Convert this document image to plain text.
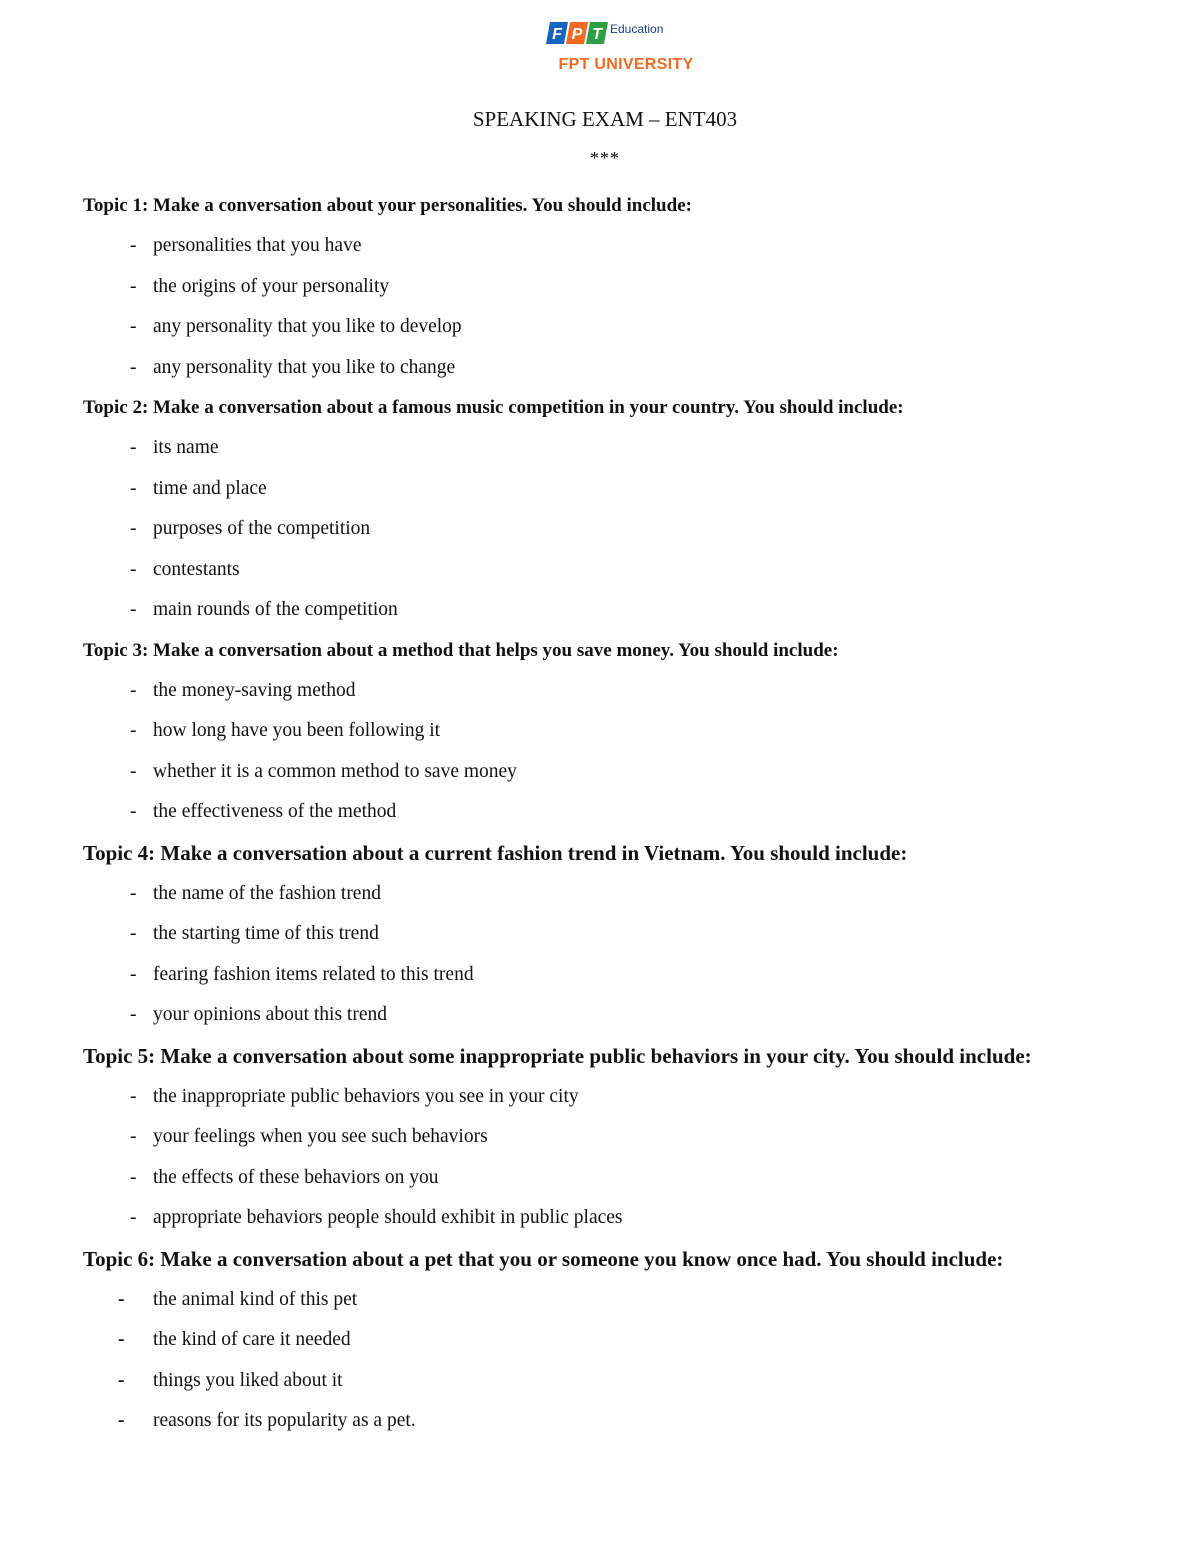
F P T Education
FPT UNIVERSITY
SPEAKING EXAM – ENT403
***

Topic 1: Make a conversation about your personalities. You should include:

- personalities that you have
- the origins of your personality
- any personality that you like to develop
- any personality that you like to change

Topic 2: Make a conversation about a famous music competition in your country. You should include:

- its name
- time and place
- purposes of the competition
- contestants
- main rounds of the competition

Topic 3: Make a conversation about a method that helps you save money. You should include:

- the money-saving method
- how long have you been following it
- whether it is a common method to save money
- the effectiveness of the method

Topic 4: Make a conversation about a current fashion trend in Vietnam. You should include:

- the name of the fashion trend
- the starting time of this trend
- fearing fashion items related to this trend
- your opinions about this trend

Topic 5: Make a conversation about some inappropriate public behaviors in your city. You should include:

- the inappropriate public behaviors you see in your city
- your feelings when you see such behaviors
- the effects of these behaviors on you
- appropriate behaviors people should exhibit in public places

Topic 6: Make a conversation about a pet that you or someone you know once had. You should include:

- the animal kind of this pet
- the kind of care it needed
- things you liked about it
- reasons for its popularity as a pet.
